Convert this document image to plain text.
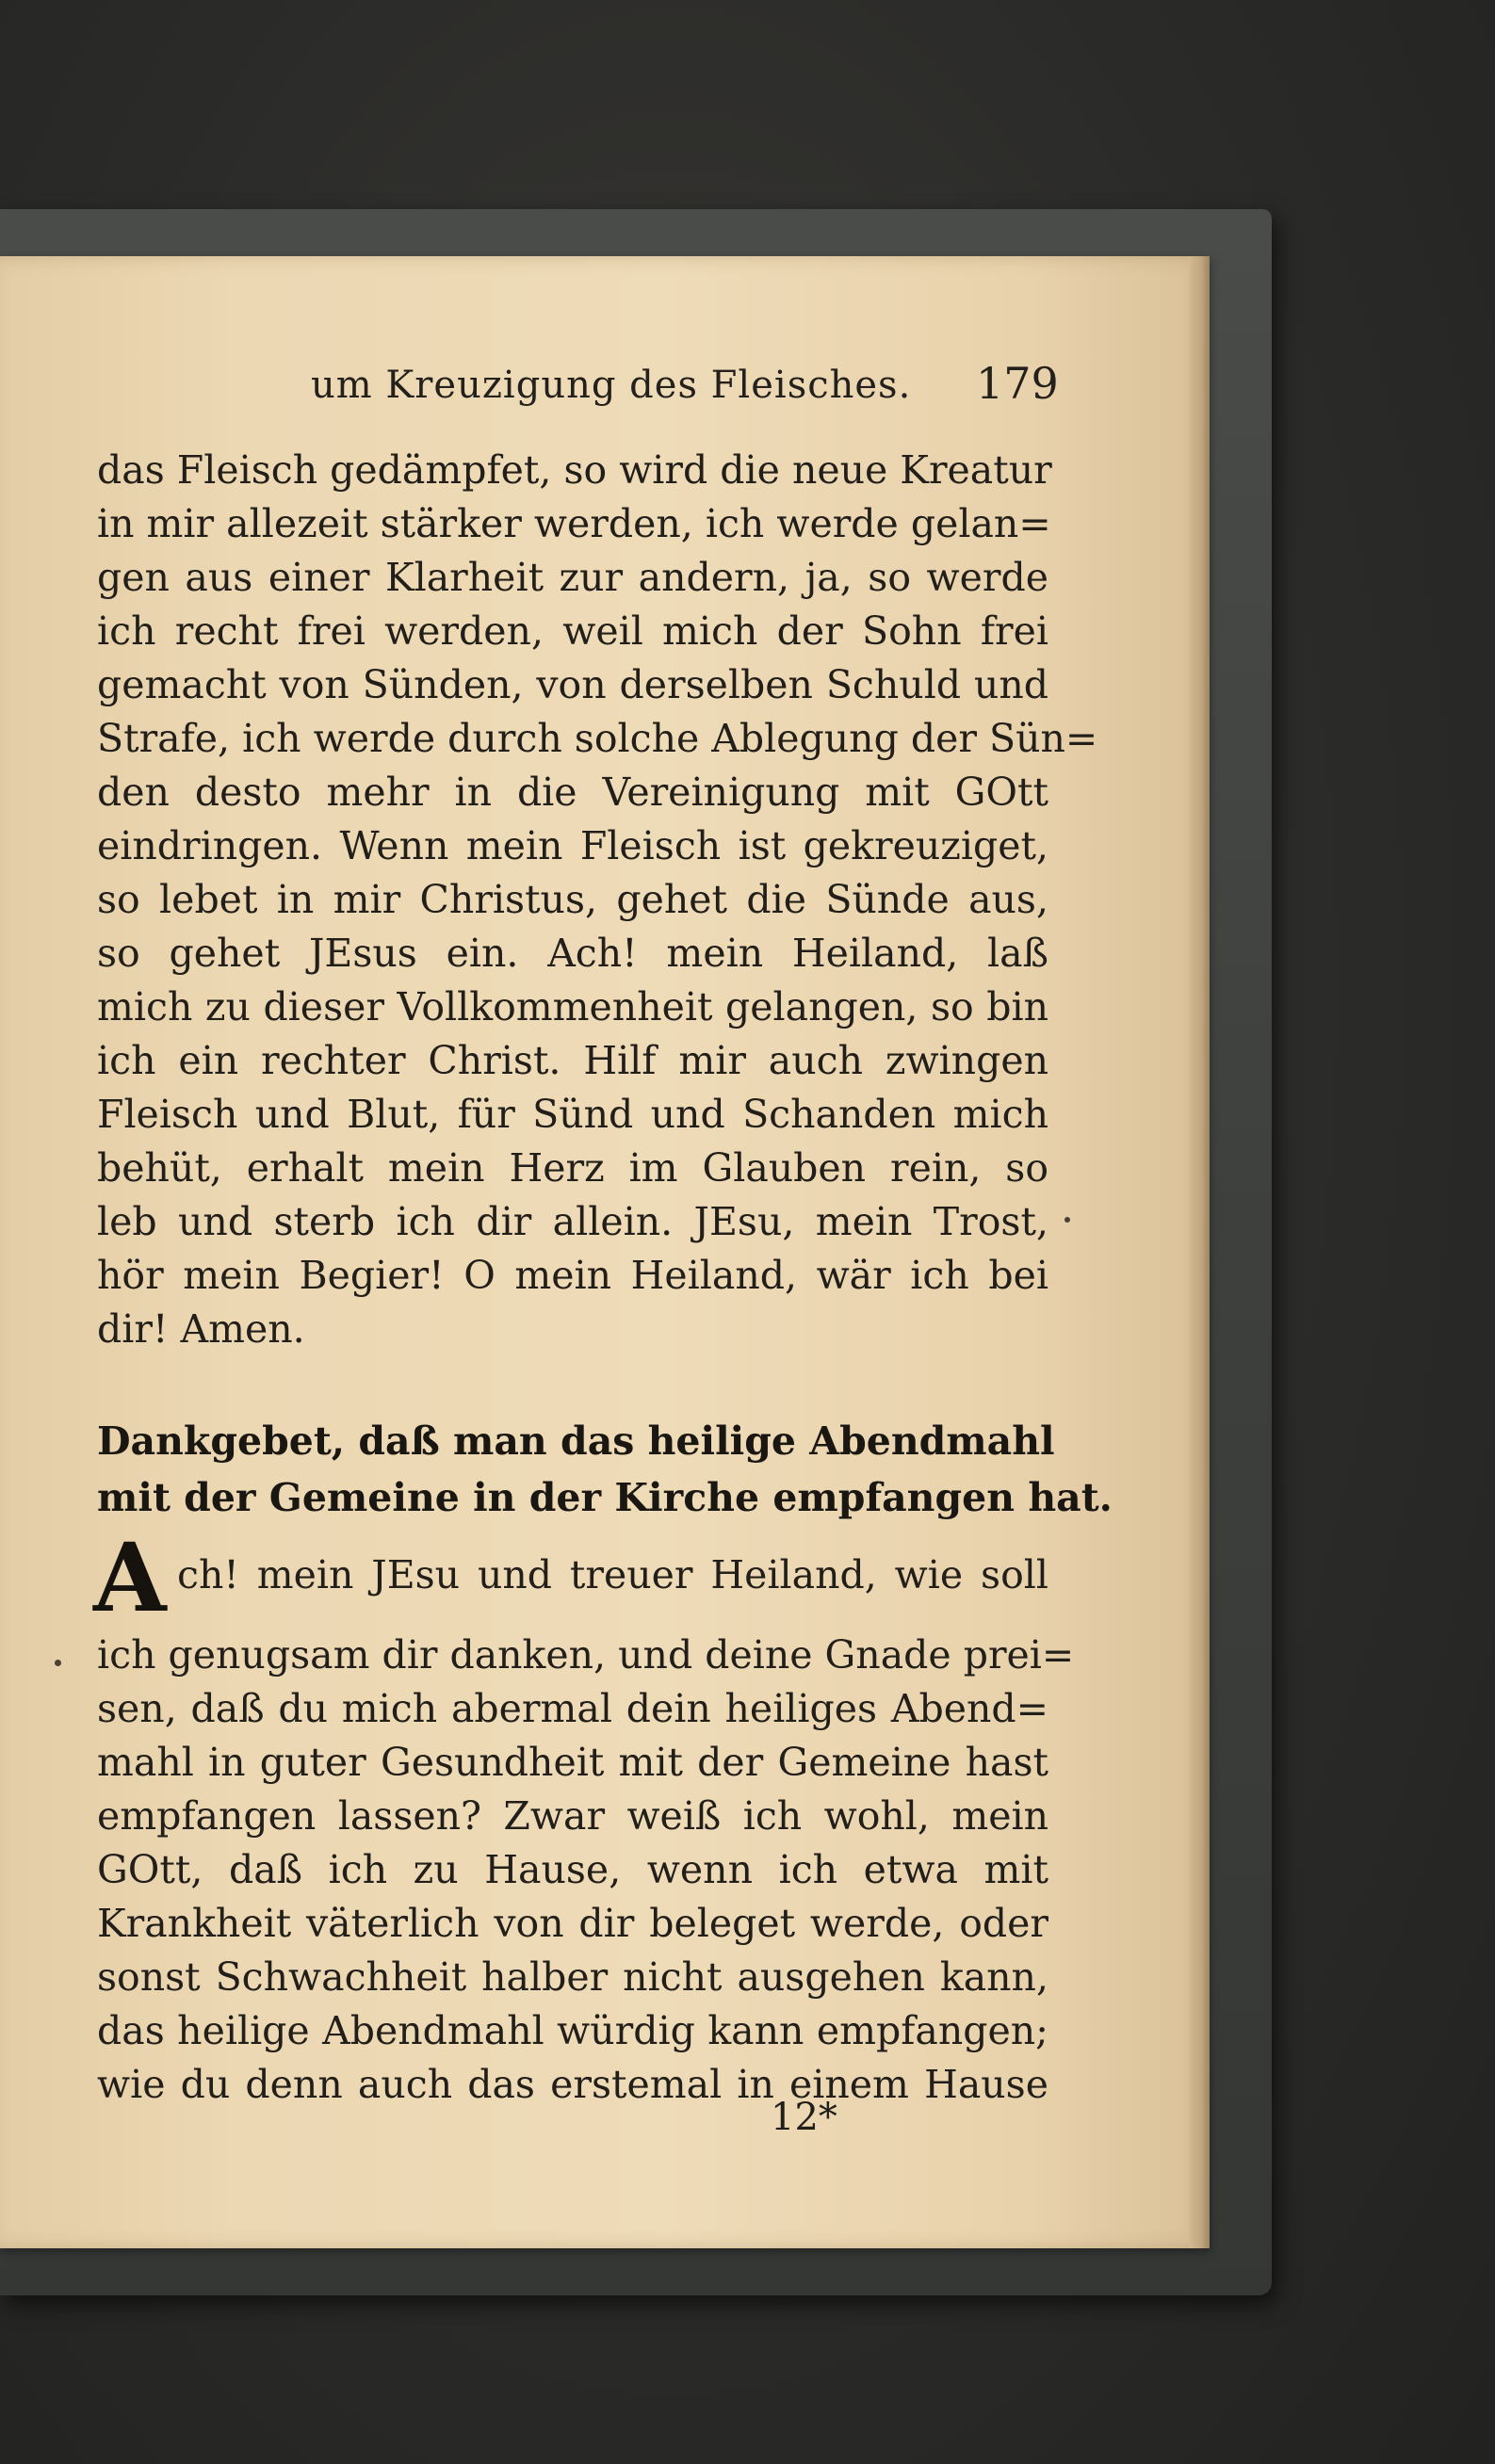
um Kreuzigung des Fleisches. 179
das Fleisch gedämpfet, so wird die neue Kreatur
in mir allezeit stärker werden, ich werde gelan=
gen aus einer Klarheit zur andern, ja, so werde
ich recht frei werden, weil mich der Sohn frei
gemacht von Sünden, von derselben Schuld und
Strafe, ich werde durch solche Ablegung der Sün=
den desto mehr in die Vereinigung mit GOtt
eindringen. Wenn mein Fleisch ist gekreuziget,
so lebet in mir Christus, gehet die Sünde aus,
so gehet JEsus ein. Ach! mein Heiland, laß
mich zu dieser Vollkommenheit gelangen, so bin
ich ein rechter Christ. Hilf mir auch zwingen
Fleisch und Blut, für Sünd und Schanden mich
behüt, erhalt mein Herz im Glauben rein, so
leb und sterb ich dir allein. JEsu, mein Trost,
hör mein Begier! O mein Heiland, wär ich bei
dir! Amen.
Dankgebet, daß man das heilige Abendmahl
mit der Gemeine in der Kirche empfangen hat.
A ch! mein JEsu und treuer Heiland, wie soll
ich genugsam dir danken, und deine Gnade prei=
sen, daß du mich abermal dein heiliges Abend=
mahl in guter Gesundheit mit der Gemeine hast
empfangen lassen? Zwar weiß ich wohl, mein
GOtt, daß ich zu Hause, wenn ich etwa mit
Krankheit väterlich von dir beleget werde, oder
sonst Schwachheit halber nicht ausgehen kann,
das heilige Abendmahl würdig kann empfangen;
wie du denn auch das erstemal in einem Hause
12*
